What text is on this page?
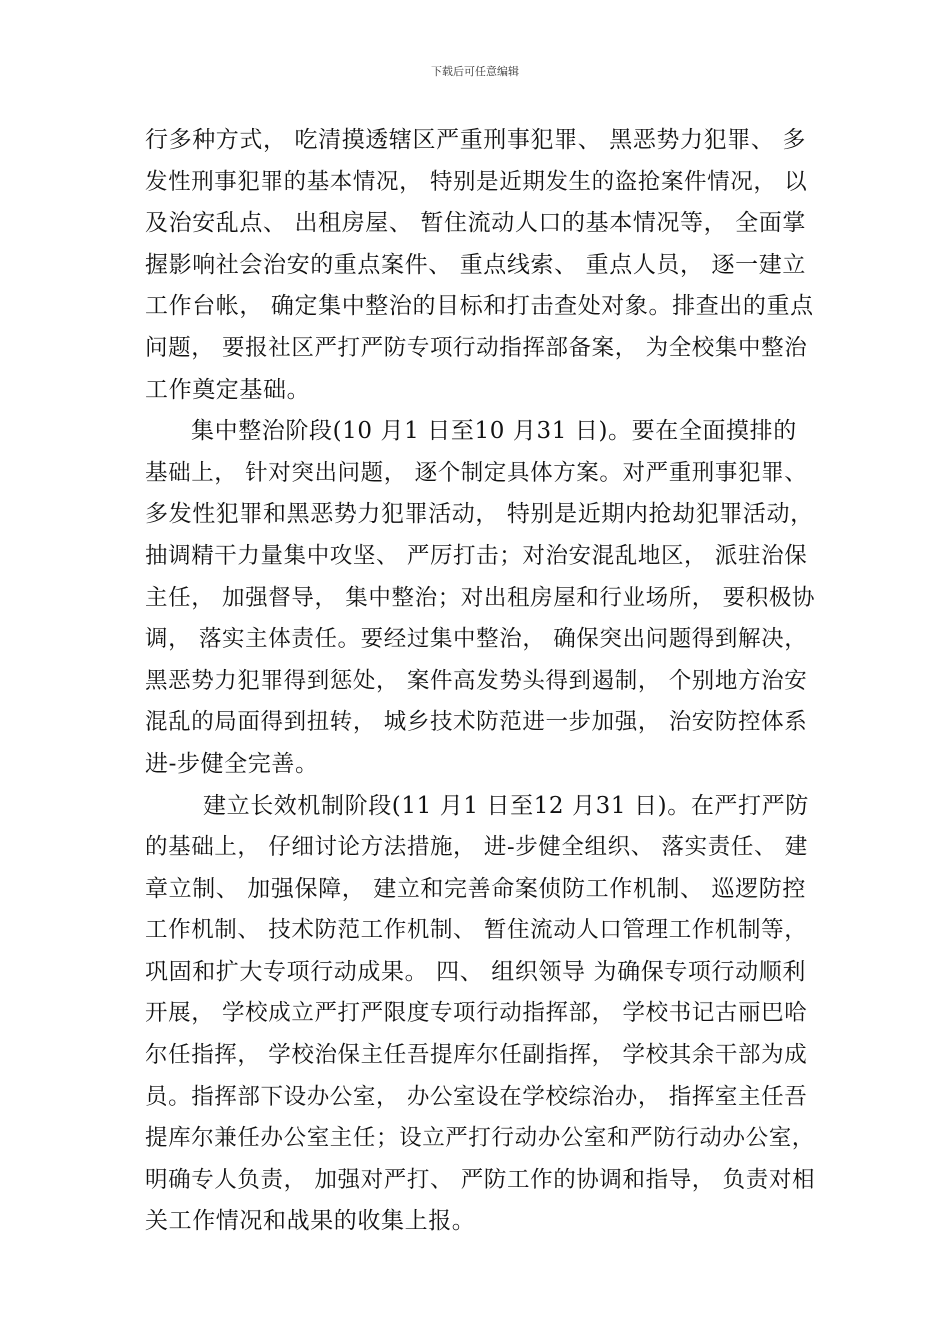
下载后可任意编辑
行多种方式， 吃清摸透辖区严重刑事犯罪、 黑恶势力犯罪、 多
发性刑事犯罪的基本情况， 特别是近期发生的盗抢案件情况， 以
及治安乱点、 出租房屋、 暂住流动人口的基本情况等， 全面掌
握影响社会治安的重点案件、 重点线索、 重点人员， 逐一建立
工作台帐， 确定集中整治的目标和打击查处对象。排查出的重点
问题， 要报社区严打严防专项行动指挥部备案， 为全校集中整治
工作奠定基础。
集中整治阶段(10 月1 日至10 月31 日)。要在全面摸排的
基础上， 针对突出问题， 逐个制定具体方案。对严重刑事犯罪、
多发性犯罪和黑恶势力犯罪活动， 特别是近期内抢劫犯罪活动，
抽调精干力量集中攻坚、 严厉打击；对治安混乱地区， 派驻治保
主任， 加强督导， 集中整治；对出租房屋和行业场所， 要积极协
调， 落实主体责任。要经过集中整治， 确保突出问题得到解决，
黑恶势力犯罪得到惩处， 案件高发势头得到遏制， 个别地方治安
混乱的局面得到扭转， 城乡技术防范进一步加强， 治安防控体系
进-步健全完善。
建立长效机制阶段(11 月1 日至12 月31 日)。在严打严防
的基础上， 仔细讨论方法措施， 进-步健全组织、 落实责任、 建
章立制、 加强保障， 建立和完善命案侦防工作机制、 巡逻防控
工作机制、 技术防范工作机制、 暂住流动人口管理工作机制等，
巩固和扩大专项行动成果。 四、 组织领导 为确保专项行动顺利
开展， 学校成立严打严限度专项行动指挥部， 学校书记古丽巴哈
尔任指挥， 学校治保主任吾提库尔任副指挥， 学校其余干部为成
员。指挥部下设办公室， 办公室设在学校综治办， 指挥室主任吾
提库尔兼任办公室主任；设立严打行动办公室和严防行动办公室，
明确专人负责， 加强对严打、 严防工作的协调和指导， 负责对相
关工作情况和战果的收集上报。
